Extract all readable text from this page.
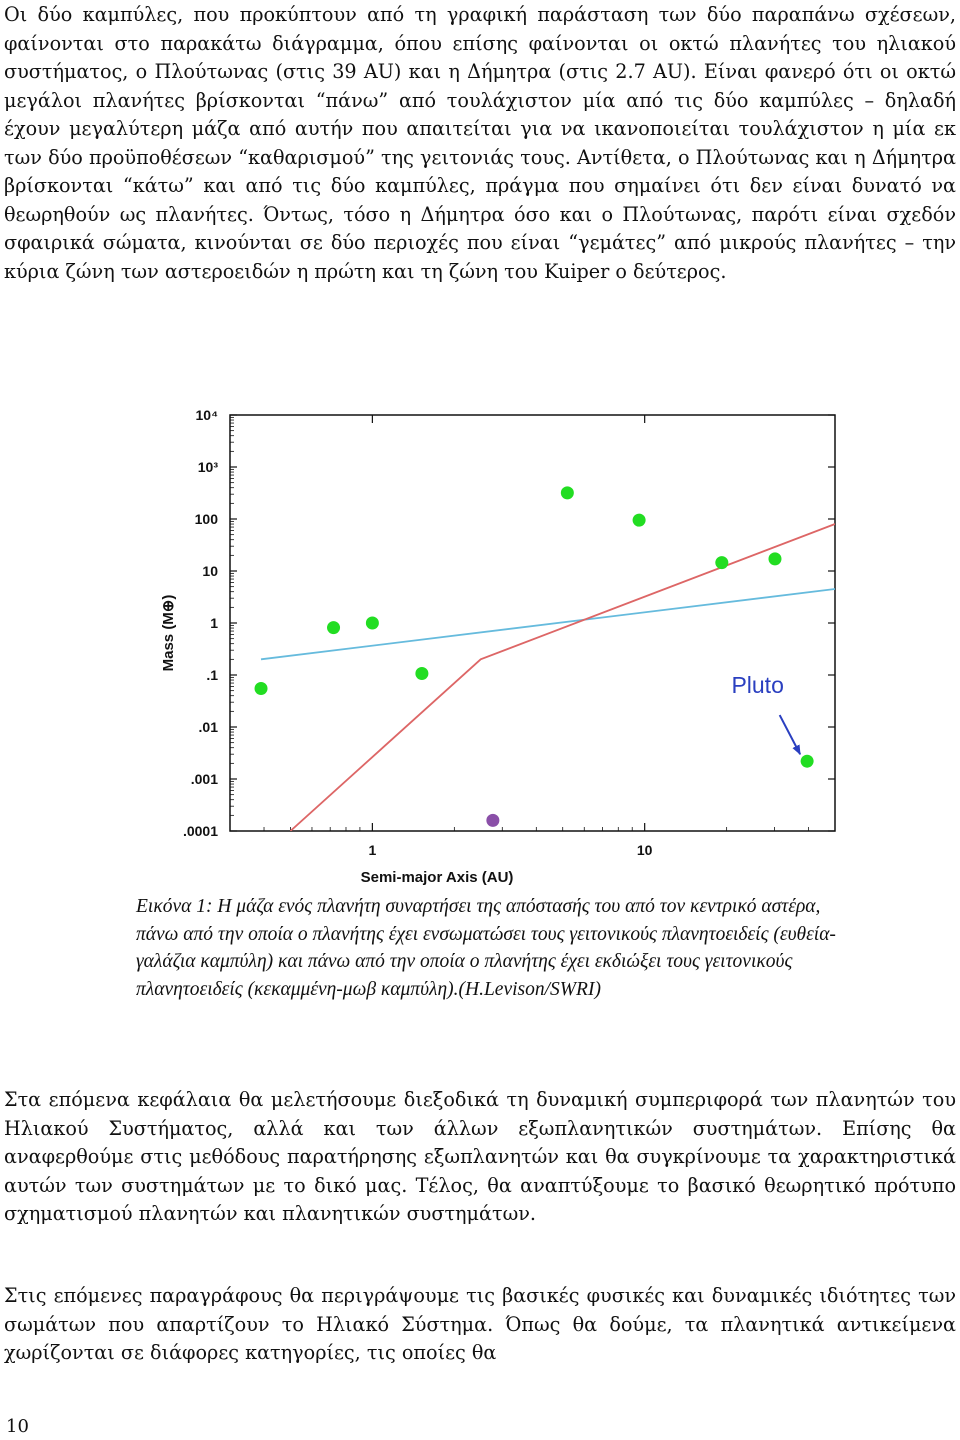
Οι δύο καμπύλες, που προκύπτουν από τη γραφική παράσταση των δύο παραπάνω σχέσεων, φαίνονται στο παρακάτω διάγραμμα, όπου επίσης φαίνονται οι οκτώ πλανήτες του ηλιακού συστήματος, ο Πλούτωνας (στις 39 AU) και η Δήμητρα (στις 2.7 AU). Είναι φανερό ότι οι οκτώ μεγάλοι πλανήτες βρίσκονται “πάνω” από τουλάχιστον μία από τις δύο καμπύλες – δηλαδή έχουν μεγαλύτερη μάζα από αυτήν που απαιτείται για να ικανοποιείται τουλάχιστον η μία εκ των δύο προϋποθέσεων “καθαρισμού” της γειτονιάς τους. Αντίθετα, ο Πλούτωνας και η Δήμητρα βρίσκονται “κάτω” και από τις δύο καμπύλες, πράγμα που σημαίνει ότι δεν είναι δυνατό να θεωρηθούν ως πλανήτες. Όντως, τόσο η Δήμητρα όσο και ο Πλούτωνας, παρότι είναι σχεδόν σφαιρικά σώματα, κινούνται σε δύο περιοχές που είναι “γεμάτες” από μικρούς πλανήτες – την κύρια ζώνη των αστεροειδών η πρώτη και τη ζώνη του Kuiper ο δεύτερος.

10⁴
10³
100
10
1
.1
.01
.001
.0001
1	10
Semi-major Axis (AU)
Mass (M⊕)
Pluto

Εικόνα 1: Η μάζα ενός πλανήτη συναρτήσει της απόστασής του από τον κεντρικό αστέρα, πάνω από την οποία ο πλανήτης έχει ενσωματώσει τους γειτονικούς πλανητοειδείς (ευθεία-γαλάζια καμπύλη) και πάνω από την οποία ο πλανήτης έχει εκδιώξει τους γειτονικούς πλανητοειδείς (κεκαμμένη-μωβ καμπύλη).(H.Levison/SWRI)

Στα επόμενα κεφάλαια θα μελετήσουμε διεξοδικά τη δυναμική συμπεριφορά των πλανητών του Ηλιακού Συστήματος, αλλά και των άλλων εξωπλανητικών συστημάτων. Επίσης θα αναφερθούμε στις μεθόδους παρατήρησης εξωπλανητών και θα συγκρίνουμε τα χαρακτηριστικά αυτών των συστημάτων με το δικό μας. Τέλος, θα αναπτύξουμε το βασικό θεωρητικό πρότυπο σχηματισμού πλανητών και πλανητικών συστημάτων.

Στις επόμενες παραγράφους θα περιγράψουμε τις βασικές φυσικές και δυναμικές ιδιότητες των σωμάτων που απαρτίζουν το Ηλιακό Σύστημα. Όπως θα δούμε, τα πλανητικά αντικείμενα χωρίζονται σε διάφορες κατηγορίες, τις οποίες θα

10
